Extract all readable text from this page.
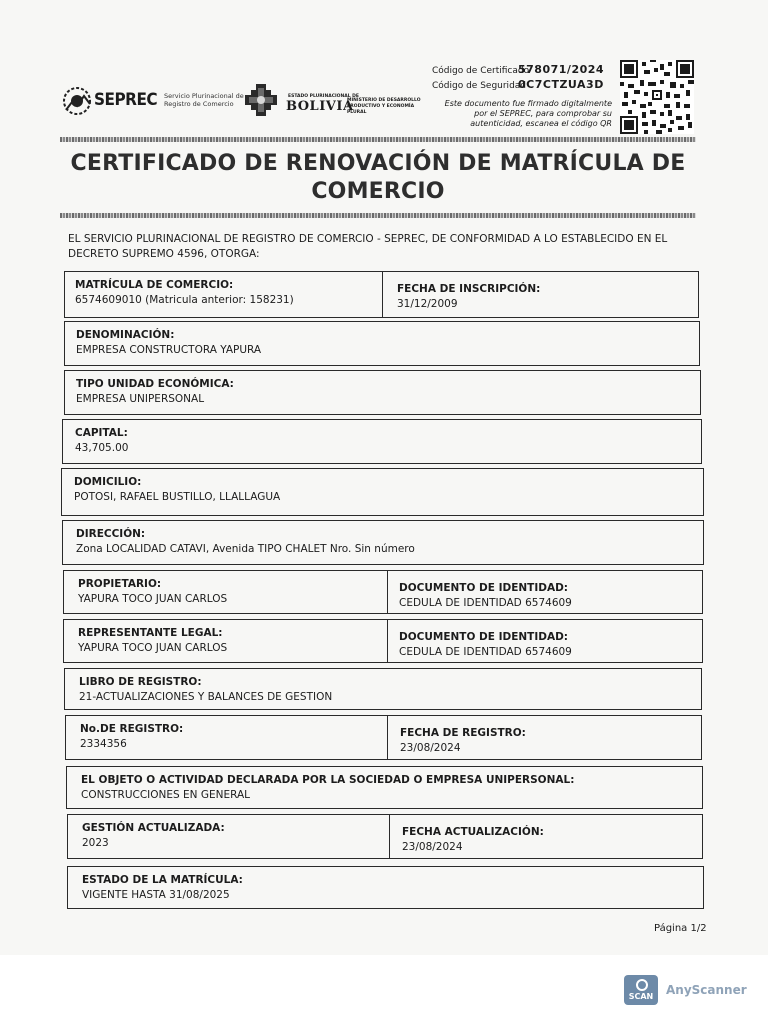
SEPREC Servicio Plurinacional de Registro de Comercio
ESTADO PLURINACIONAL DE
BOLIVIA
MINISTERIO DE DESARROLLO PRODUCTIVO Y ECONOMÍA PLURAL
Código de Certificado578071/2024
Código de Seguridad0C7CTZUA3D
Este documento fue firmado digitalmente por el SEPREC, para comprobar su autenticidad, escanea el código QR
CERTIFICADO DE RENOVACIÓN DE MATRÍCULA DE COMERCIO
EL SERVICIO PLURINACIONAL DE REGISTRO DE COMERCIO - SEPREC, DE CONFORMIDAD A LO ESTABLECIDO EN EL DECRETO SUPREMO 4596, OTORGA:
MATRÍCULA DE COMERCIO:
6574609010 (Matricula anterior: 158231)
FECHA DE INSCRIPCIÓN:
31/12/2009
DENOMINACIÓN:
EMPRESA CONSTRUCTORA YAPURA
TIPO UNIDAD ECONÓMICA:
EMPRESA UNIPERSONAL
CAPITAL:
43,705.00
DOMICILIO:
POTOSI, RAFAEL BUSTILLO, LLALLAGUA
DIRECCIÓN:
Zona LOCALIDAD CATAVI, Avenida TIPO CHALET Nro. Sin número
PROPIETARIO:
YAPURA TOCO JUAN CARLOS
DOCUMENTO DE IDENTIDAD:
CEDULA DE IDENTIDAD 6574609
REPRESENTANTE LEGAL:
YAPURA TOCO JUAN CARLOS
DOCUMENTO DE IDENTIDAD:
CEDULA DE IDENTIDAD 6574609
LIBRO DE REGISTRO:
21-ACTUALIZACIONES Y BALANCES DE GESTION
No.DE REGISTRO:
2334356
FECHA DE REGISTRO:
23/08/2024
EL OBJETO O ACTIVIDAD DECLARADA POR LA SOCIEDAD O EMPRESA UNIPERSONAL:
CONSTRUCCIONES EN GENERAL
GESTIÓN ACTUALIZADA:
2023
FECHA ACTUALIZACIÓN:
23/08/2024
ESTADO DE LA MATRÍCULA:
VIGENTE HASTA 31/08/2025
Página 1/2
SCAN	AnyScanner
